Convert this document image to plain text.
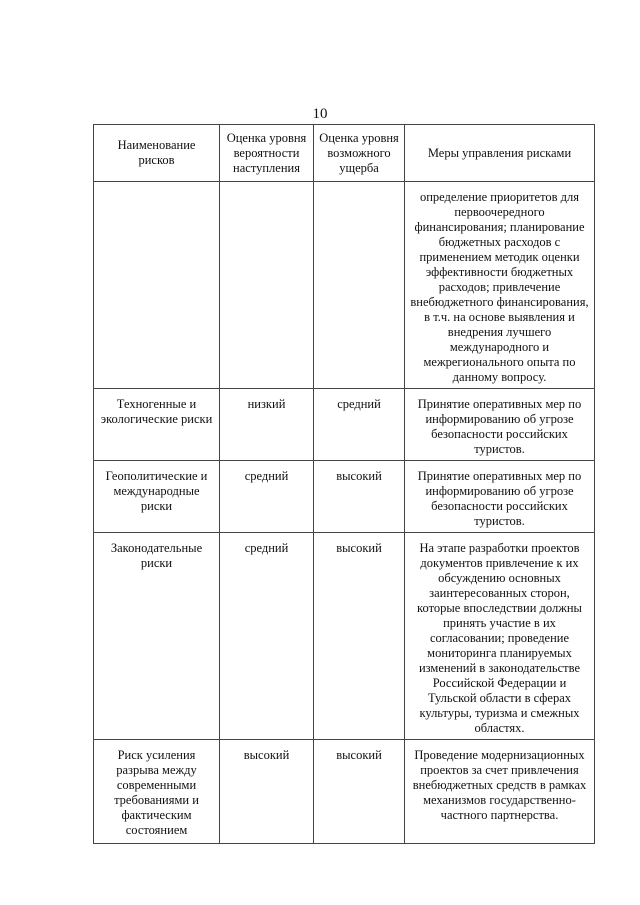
10
Наименование рисков	Оценка уровня вероятности наступления	Оценка уровня возможного ущерба	Меры управления рисками
			определение приоритетов для первоочередного финансирования; планирование бюджетных расходов с применением методик оценки эффективности бюджетных расходов; привлечение внебюджетного финансирования, в т.ч. на основе выявления и внедрения лучшего международного и межрегионального опыта по данному вопросу.
Техногенные и экологические риски	низкий	средний	Принятие оперативных мер по информированию об угрозе безопасности российских туристов.
Геополитические и международные риски	средний	высокий	Принятие оперативных мер по информированию об угрозе безопасности российских туристов.
Законодательные риски	средний	высокий	На этапе разработки проектов документов привлечение к их обсуждению основных заинтересованных сторон, которые впоследствии должны принять участие в их согласовании; проведение мониторинга планируемых изменений в законодательстве Российской Федерации и Тульской области в сферах культуры, туризма и смежных областях.
Риск усиления разрыва между современными требованиями и фактическим состоянием	высокий	высокий	Проведение модернизационных проектов за счет привлечения внебюджетных средств в рамках механизмов государственно-частного партнерства.
